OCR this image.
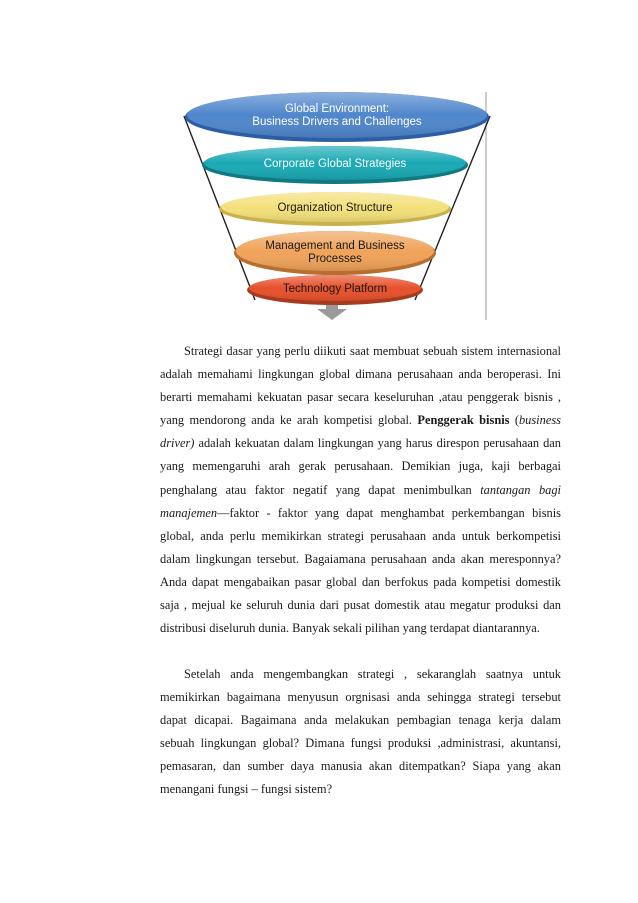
Technology Platform
Management and Business
Processes
Organization Structure
Corporate Global Strategies
Global Environment:
Business Drivers and Challenges

Strategi dasar yang perlu diikuti saat membuat sebuah sistem internasional adalah memahami lingkungan global dimana perusahaan anda beroperasi. Ini berarti memahami kekuatan pasar secara keseluruhan ,atau penggerak bisnis , yang mendorong anda ke arah kompetisi global. Penggerak bisnis (business driver) adalah kekuatan dalam lingkungan yang harus direspon perusahaan dan yang memengaruhi arah gerak perusahaan. Demikian juga, kaji berbagai penghalang atau faktor negatif yang dapat menimbulkan tantangan bagi manajemen—faktor - faktor yang dapat menghambat perkembangan bisnis global, anda perlu memikirkan strategi perusahaan anda untuk berkompetisi dalam lingkungan tersebut. Bagaiamana perusahaan anda akan meresponnya? Anda dapat mengabaikan pasar global dan berfokus pada kompetisi domestik saja , mejual ke seluruh dunia dari pusat domestik atau megatur produksi dan distribusi diseluruh dunia. Banyak sekali pilihan yang terdapat diantarannya.

Setelah anda mengembangkan strategi , sekaranglah saatnya untuk memikirkan bagaimana menyusun orgnisasi anda sehingga strategi tersebut dapat dicapai. Bagaimana anda melakukan pembagian tenaga kerja dalam sebuah lingkungan global? Dimana fungsi produksi ,administrasi, akuntansi, pemasaran, dan sumber daya manusia akan ditempatkan? Siapa yang akan menangani fungsi – fungsi sistem?
